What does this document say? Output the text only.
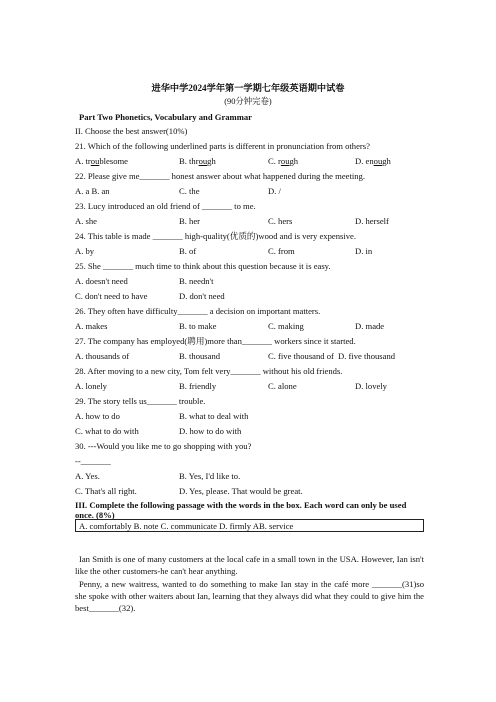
进华中学2024学年第一学期七年级英语期中试卷
(90分钟完卷)
Part Two Phonetics, Vocabulary and Grammar
II. Choose the best answer(10%)
21. Which of the following underlined parts is different in pronunciation from others?
A. troublesome	B. through	C. rough	D. enough
22. Please give me_______ honest answer about what happened during the meeting.
A. a B. an	C. the	D. /
23. Lucy introduced an old friend of _______ to me.
A. she	B. her	C. hers	D. herself
24. This table is made _______ high-quality(优质的)wood and is very expensive.
A. by	B. of	C. from	D. in
25. She _______ much time to think about this question because it is easy.
A. doesn't need	B. needn't
C. don't need to have	D. don't need
26. They often have difficulty_______ a decision on important matters.
A. makes	B. to make	C. making	D. made
27. The company has employed(聘用)more than_______ workers since it started.
A. thousands of	B. thousand	C. five thousand of D. five thousand
28. After moving to a new city, Tom felt very_______ without his old friends.
A. lonely	B. friendly	C. alone	D. lovely
29. The story tells us_______ trouble.
A. how to do	B. what to deal with
C. what to do with	D. how to do with
30. ---Would you like me to go shopping with you?
--_______
A. Yes.	B. Yes, I'd like to.
C. That's all right.	D. Yes, please. That would be great.
III. Complete the following passage with the words in the box. Each word can only be used
once. (8%)
A. comfortably B. note C. communicate D. firmly AB. service
Ian Smith is one of many customers at the local cafe in a small town in the USA. However, Ian isn't like the other customers-he can't hear anything.
Penny, a new waitress, wanted to do something to make Ian stay in the café more _______(31)so she spoke with other waiters about Ian, learning that they always did what they could to give him the best_______(32).
